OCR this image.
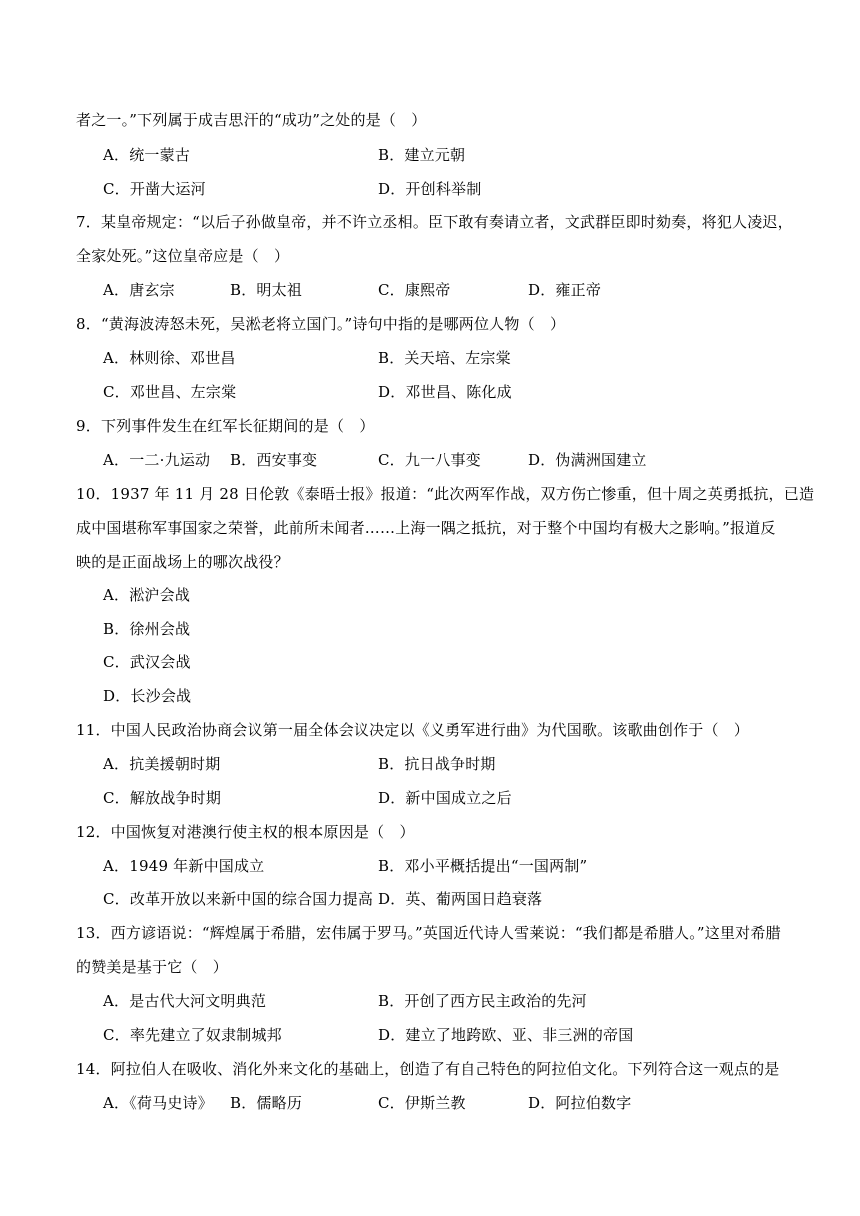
者之一。”下列属于成吉思汗的“成功”之处的是（　）
A．统一蒙古	B．建立元朝
C．开凿大运河	D．开创科举制
7．某皇帝规定：“以后子孙做皇帝，并不许立丞相。臣下敢有奏请立者，文武群臣即时劾奏，将犯人凌迟，
全家处死。”这位皇帝应是（　）
A．唐玄宗	B．明太祖	C．康熙帝	D．雍正帝
8．“黄海波涛怒未死，吴淞老将立国门。”诗句中指的是哪两位人物（　）
A．林则徐、邓世昌	B．关天培、左宗棠
C．邓世昌、左宗棠	D．邓世昌、陈化成
9．下列事件发生在红军长征期间的是（　）
A．一二·九运动 B．西安事变	C．九一八事变	D．伪满洲国建立
10．1937 年 11 月 28 日伦敦《泰晤士报》报道：“此次两军作战，双方伤亡惨重，但十周之英勇抵抗，已造
成中国堪称军事国家之荣誉，此前所未闻者……上海一隅之抵抗，对于整个中国均有极大之影响。”报道反
映的是正面战场上的哪次战役？
A．淞沪会战
B．徐州会战
C．武汉会战
D．长沙会战
11．中国人民政治协商会议第一届全体会议决定以《义勇军进行曲》为代国歌。该歌曲创作于（　）
A．抗美援朝时期	B．抗日战争时期
C．解放战争时期	D．新中国成立之后
12．中国恢复对港澳行使主权的根本原因是（　）
A．1949 年新中国成立	B．邓小平概括提出“一国两制”
C．改革开放以来新中国的综合国力提高 D．英、葡两国日趋衰落
13．西方谚语说：“辉煌属于希腊，宏伟属于罗马。”英国近代诗人雪莱说：“我们都是希腊人。”这里对希腊
的赞美是基于它（　）
A．是古代大河文明典范	B．开创了西方民主政治的先河
C．率先建立了奴隶制城邦	D．建立了地跨欧、亚、非三洲的帝国
14．阿拉伯人在吸收、消化外来文化的基础上，创造了有自己特色的阿拉伯文化。下列符合这一观点的是
A．《荷马史诗》 B．儒略历	C．伊斯兰教	D．阿拉伯数字
